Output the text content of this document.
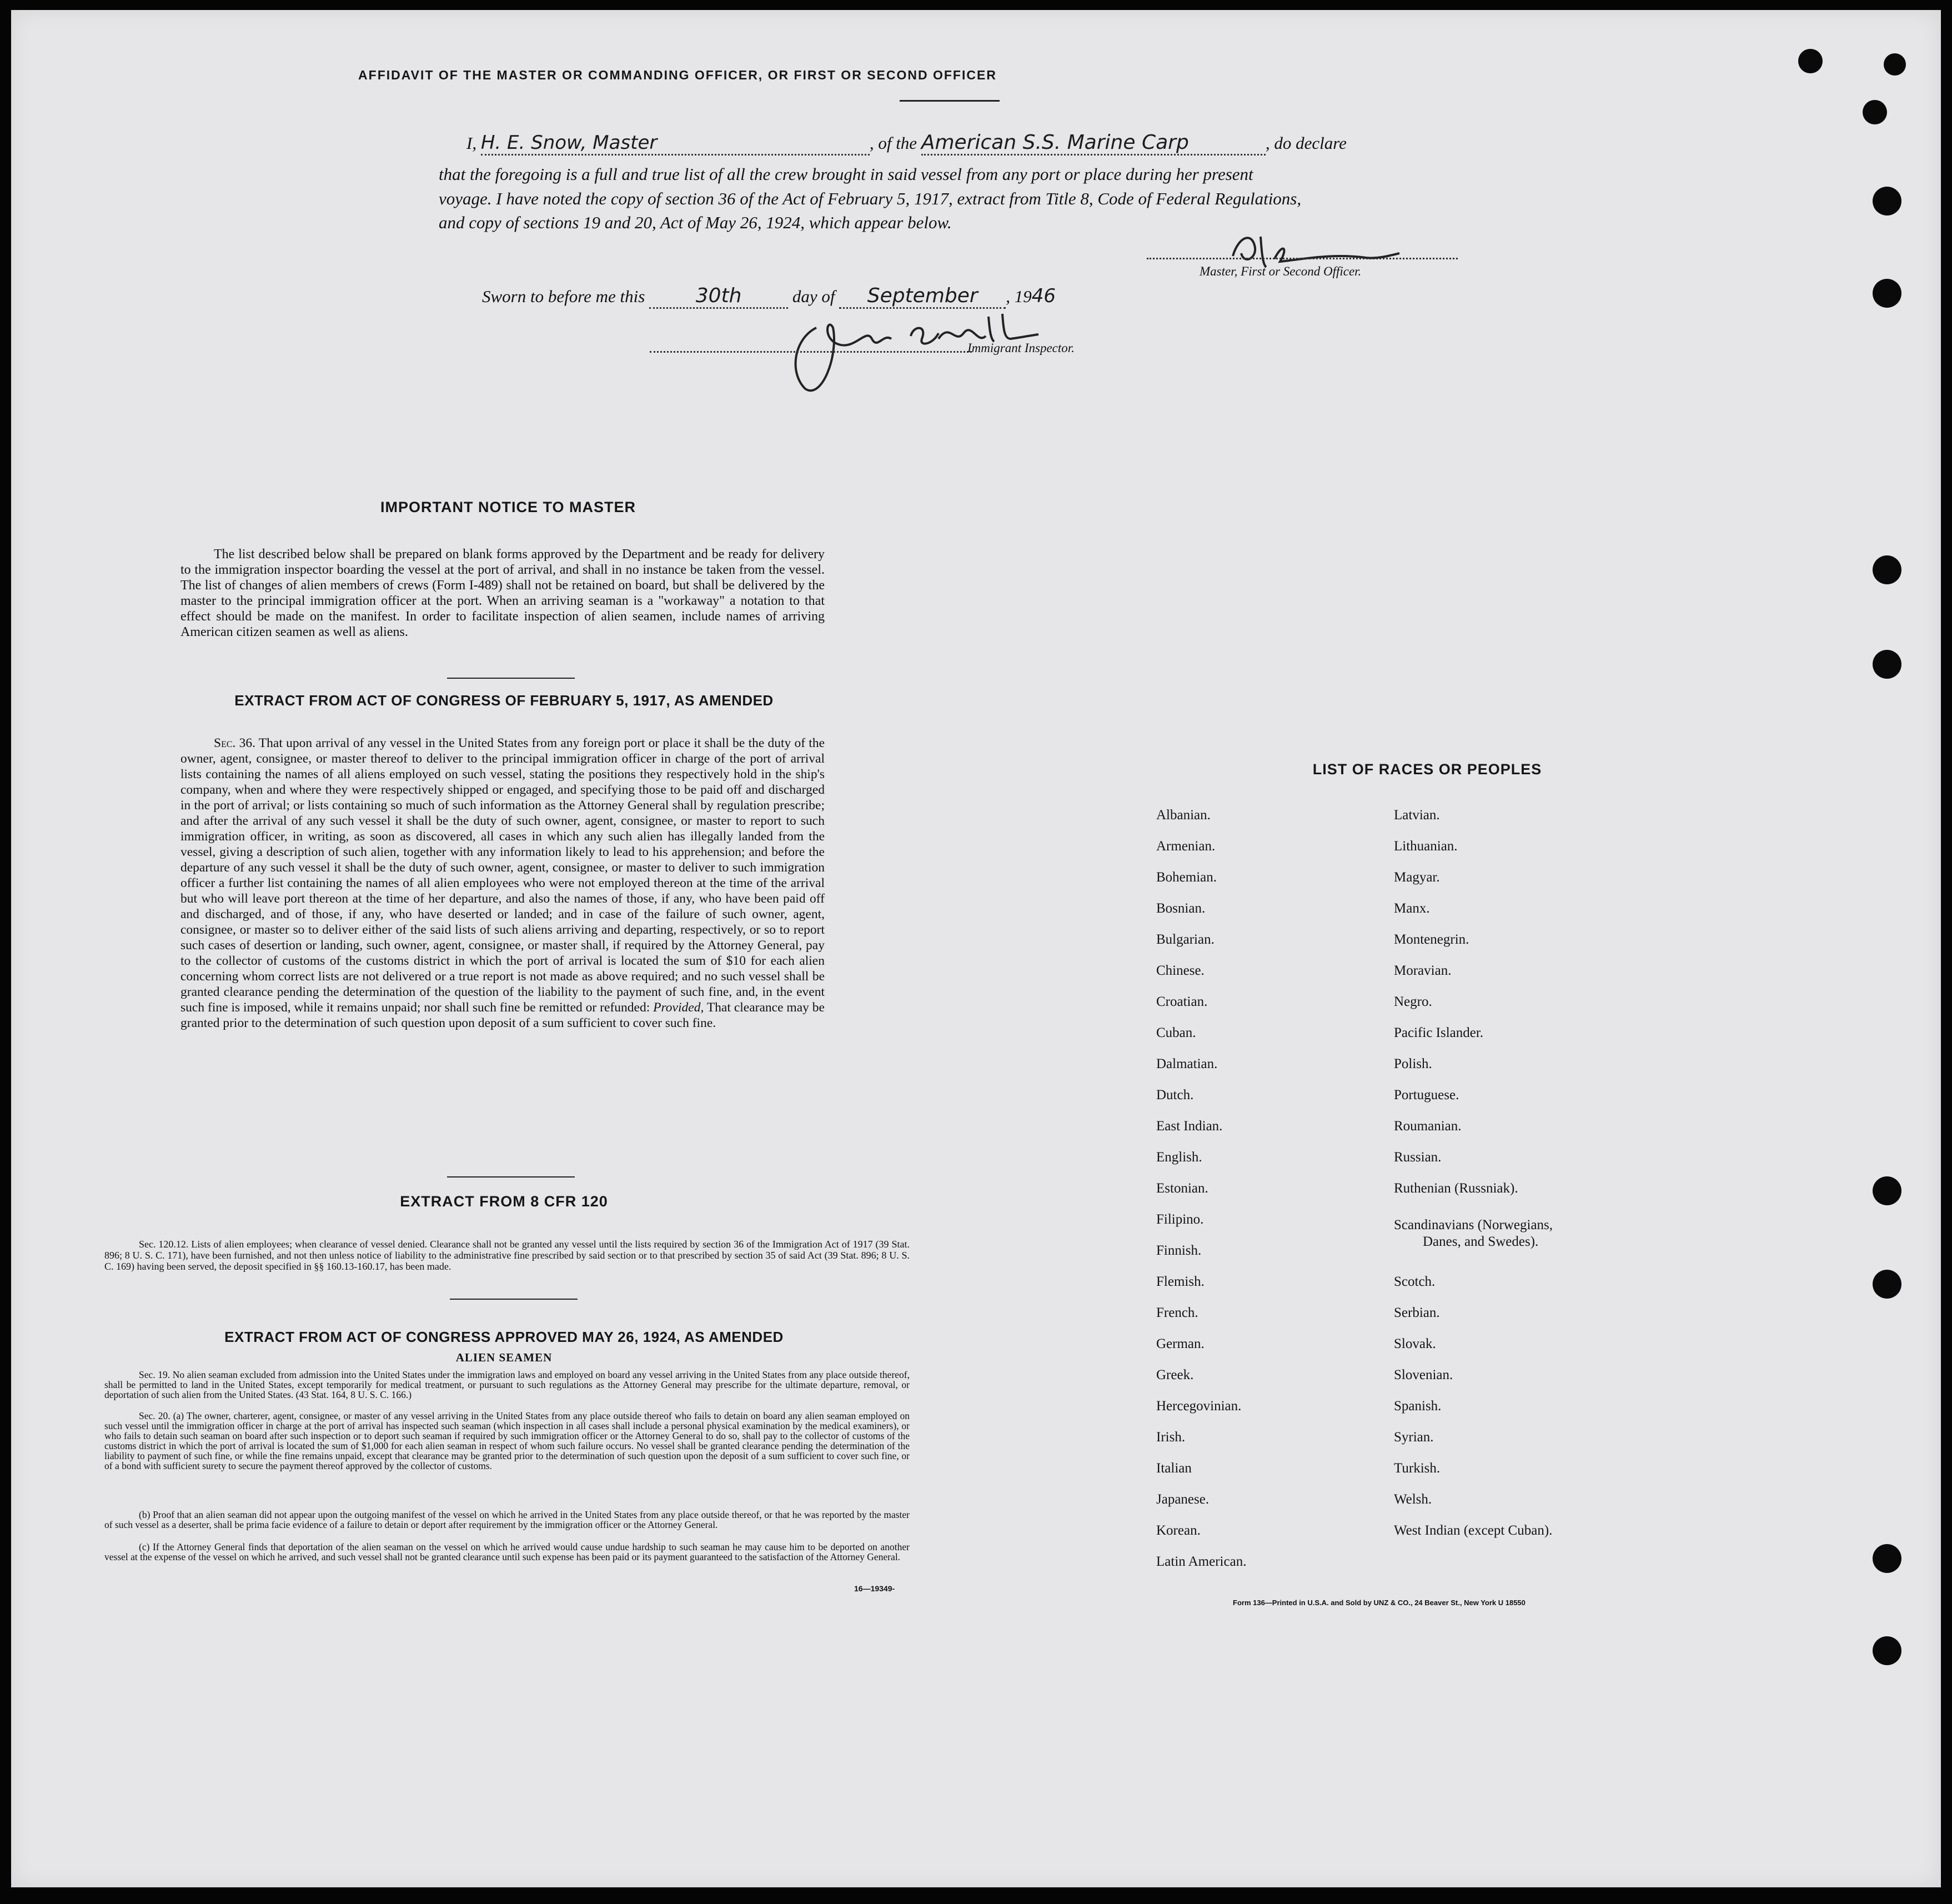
AFFIDAVIT OF THE MASTER OR COMMANDING OFFICER, OR FIRST OR SECOND OFFICER
I, H. E. Snow, Master	, of the American S.S. Marine Carp	, do declare
that the foregoing is a full and true list of all the crew brought in said vessel from any port or place during her present
voyage. I have noted the copy of section 36 of the Act of February 5, 1917, extract from Title 8, Code of Federal Regulations,
and copy of sections 19 and 20, Act of May 26, 1924, which appear below.
Master, First or Second Officer.
Sworn to before me this	30th	day of September , 1946
Immigrant Inspector.
IMPORTANT NOTICE TO MASTER
The list described below shall be prepared on blank forms approved by the Department and be ready for delivery to the immigration inspector boarding the vessel at the port of arrival, and shall in no instance be taken from the vessel. The list of changes of alien members of crews (Form I-489) shall not be retained on board, but shall be delivered by the master to the principal immigration officer at the port. When an arriving seaman is a "workaway" a notation to that effect should be made on the manifest. In order to facilitate inspection of alien seamen, include names of arriving American citizen seamen as well as aliens.
EXTRACT FROM ACT OF CONGRESS OF FEBRUARY 5, 1917, AS AMENDED
Sec. 36. That upon arrival of any vessel in the United States from any foreign port or place it shall be the duty of the owner, agent, consignee, or master thereof to deliver to the principal immigration officer in charge of the port of arrival lists containing the names of all aliens employed on such vessel, stating the positions they respectively hold in the ship's company, when and where they were respectively shipped or engaged, and specifying those to be paid off and discharged in the port of arrival; or lists containing so much of such information as the Attorney General shall by regulation prescribe; and after the arrival of any such vessel it shall be the duty of such owner, agent, consignee, or master to report to such immigration officer, in writing, as soon as discovered, all cases in which any such alien has illegally landed from the vessel, giving a description of such alien, together with any information likely to lead to his apprehension; and before the departure of any such vessel it shall be the duty of such owner, agent, consignee, or master to deliver to such immigration officer a further list containing the names of all alien employees who were not employed thereon at the time of the arrival but who will leave port thereon at the time of her departure, and also the names of those, if any, who have been paid off and discharged, and of those, if any, who have deserted or landed; and in case of the failure of such owner, agent, consignee, or master so to deliver either of the said lists of such aliens arriving and departing, respectively, or so to report such cases of desertion or landing, such owner, agent, consignee, or master shall, if required by the Attorney General, pay to the collector of customs of the customs district in which the port of arrival is located the sum of $10 for each alien concerning whom correct lists are not delivered or a true report is not made as above required; and no such vessel shall be granted clearance pending the determination of the question of the liability to the payment of such fine, and, in the event such fine is imposed, while it remains unpaid; nor shall such fine be remitted or refunded: Provided, That clearance may be granted prior to the determination of such question upon deposit of a sum sufficient to cover such fine.
EXTRACT FROM 8 CFR 120
Sec. 120.12. Lists of alien employees; when clearance of vessel denied. Clearance shall not be granted any vessel until the lists required by section 36 of the Immigration Act of 1917 (39 Stat. 896; 8 U. S. C. 171), have been furnished, and not then unless notice of liability to the administrative fine prescribed by said section or to that prescribed by section 35 of said Act (39 Stat. 896; 8 U. S. C. 169) having been served, the deposit specified in §§ 160.13-160.17, has been made.
EXTRACT FROM ACT OF CONGRESS APPROVED MAY 26, 1924, AS AMENDED
ALIEN SEAMEN
Sec. 19. No alien seaman excluded from admission into the United States under the immigration laws and employed on board any vessel arriving in the United States from any place outside thereof, shall be permitted to land in the United States, except temporarily for medical treatment, or pursuant to such regulations as the Attorney General may prescribe for the ultimate departure, removal, or deportation of such alien from the United States. (43 Stat. 164, 8 U. S. C. 166.)
Sec. 20. (a) The owner, charterer, agent, consignee, or master of any vessel arriving in the United States from any place outside thereof who fails to detain on board any alien seaman employed on such vessel until the immigration officer in charge at the port of arrival has inspected such seaman (which inspection in all cases shall include a personal physical examination by the medical examiners), or who fails to detain such seaman on board after such inspection or to deport such seaman if required by such immigration officer or the Attorney General to do so, shall pay to the collector of customs of the customs district in which the port of arrival is located the sum of $1,000 for each alien seaman in respect of whom such failure occurs. No vessel shall be granted clearance pending the determination of the liability to payment of such fine, or while the fine remains unpaid, except that clearance may be granted prior to the determination of such question upon the deposit of a sum sufficient to cover such fine, or of a bond with sufficient surety to secure the payment thereof approved by the collector of customs.
(b) Proof that an alien seaman did not appear upon the outgoing manifest of the vessel on which he arrived in the United States from any place outside thereof, or that he was reported by the master of such vessel as a deserter, shall be prima facie evidence of a failure to detain or deport after requirement by the immigration officer or the Attorney General.
(c) If the Attorney General finds that deportation of the alien seaman on the vessel on which he arrived would cause undue hardship to such seaman he may cause him to be deported on another vessel at the expense of the vessel on which he arrived, and such vessel shall not be granted clearance until such expense has been paid or its payment guaranteed to the satisfaction of the Attorney General.
16—19349-
LIST OF RACES OR PEOPLES
Albanian.
Armenian.
Bohemian.
Bosnian.
Bulgarian.
Chinese.
Croatian.
Cuban.
Dalmatian.
Dutch.
East Indian.
English.
Estonian.
Filipino.
Finnish.
Flemish.
French.
German.
Greek.
Hercegovinian.
Irish.
Italian
Japanese.
Korean.
Latin American.
Latvian.
Lithuanian.
Magyar.
Manx.
Montenegrin.
Moravian.
Negro.
Pacific Islander.
Polish.
Portuguese.
Roumanian.
Russian.
Ruthenian (Russniak).
Scandinavians (Norwegians,
Danes, and Swedes).
Scotch.
Serbian.
Slovak.
Slovenian.
Spanish.
Syrian.
Turkish.
Welsh.
West Indian (except Cuban).
Form 136—Printed in U.S.A. and Sold by UNZ & CO., 24 Beaver St., New York U 18550
